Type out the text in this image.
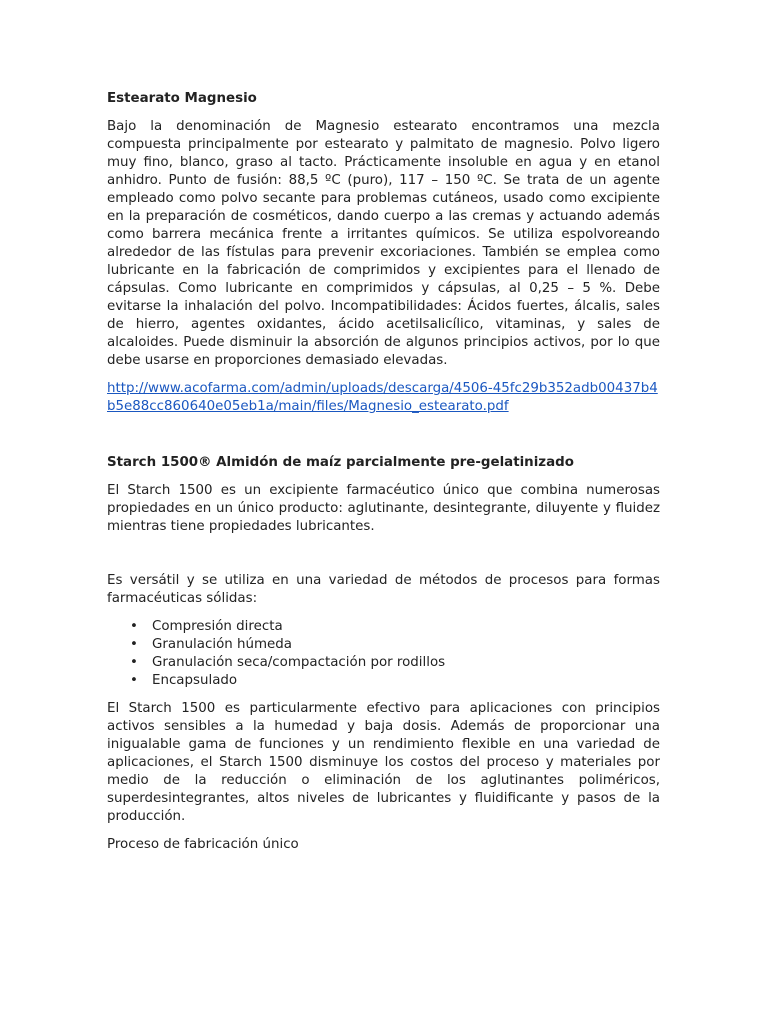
Estearato Magnesio
Bajo la denominación de Magnesio estearato encontramos una mezcla compuesta principalmente por estearato y palmitato de magnesio. Polvo ligero muy fino, blanco, graso al tacto. Prácticamente insoluble en agua y en etanol anhidro. Punto de fusión: 88,5 ºC (puro), 117 – 150 ºC. Se trata de un agente empleado como polvo secante para problemas cutáneos, usado como excipiente en la preparación de cosméticos, dando cuerpo a las cremas y actuando además como barrera mecánica frente a irritantes químicos. Se utiliza espolvoreando alrededor de las fístulas para prevenir excoriaciones. También se emplea como lubricante en la fabricación de comprimidos y excipientes para el llenado de cápsulas. Como lubricante en comprimidos y cápsulas, al 0,25 – 5 %. Debe evitarse la inhalación del polvo. Incompatibilidades: Ácidos fuertes, álcalis, sales de hierro, agentes oxidantes, ácido acetilsalicílico, vitaminas, y sales de alcaloides. Puede disminuir la absorción de algunos principios activos, por lo que debe usarse en proporciones demasiado elevadas.
http://www.acofarma.com/admin/uploads/descarga/4506-45fc29b352adb00437b4b5e88cc860640e05eb1a/main/files/Magnesio_estearato.pdf
Starch 1500® Almidón de maíz parcialmente pre-gelatinizado
El Starch 1500 es un excipiente farmacéutico único que combina numerosas propiedades en un único producto: aglutinante, desintegrante, diluyente y fluidez mientras tiene propiedades lubricantes.
Es versátil y se utiliza en una variedad de métodos de procesos para formas farmacéuticas sólidas:
• Compresión directa
• Granulación húmeda
• Granulación seca/compactación por rodillos
• Encapsulado
El Starch 1500 es particularmente efectivo para aplicaciones con principios activos sensibles a la humedad y baja dosis. Además de proporcionar una inigualable gama de funciones y un rendimiento flexible en una variedad de aplicaciones, el Starch 1500 disminuye los costos del proceso y materiales por medio de la reducción o eliminación de los aglutinantes poliméricos, superdesintegrantes, altos niveles de lubricantes y fluidificante y pasos de la producción.
Proceso de fabricación único
